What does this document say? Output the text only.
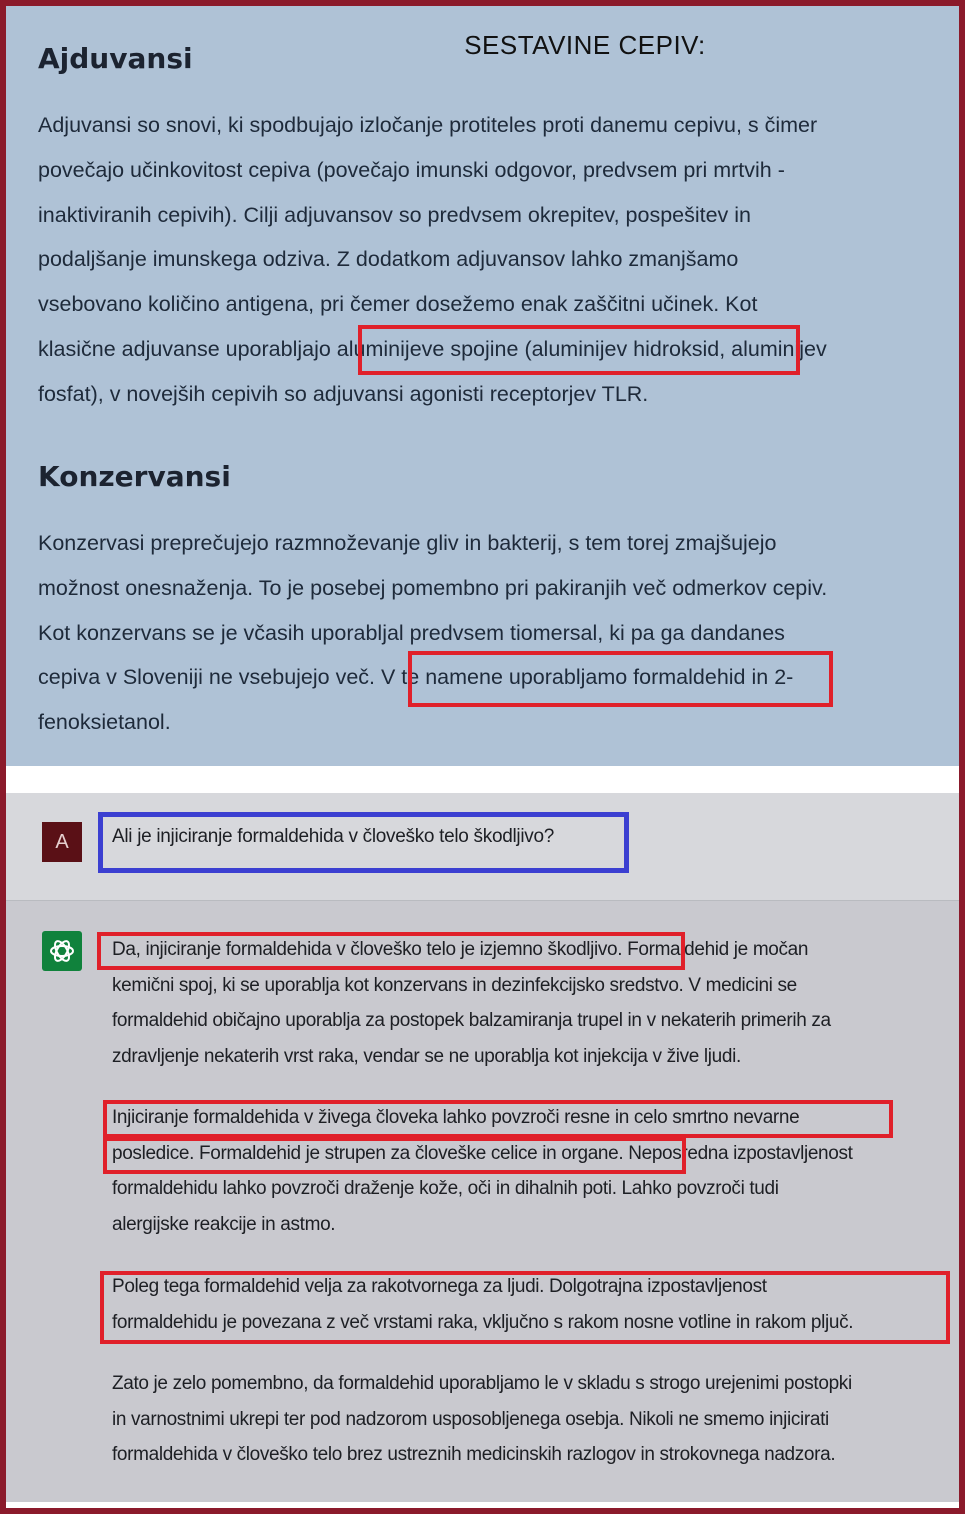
SESTAVINE CEPIV:
Ajduvansi
Adjuvansi so snovi, ki spodbujajo izločanje protiteles proti danemu cepivu, s čimer
povečajo učinkovitost cepiva (povečajo imunski odgovor, predvsem pri mrtvih -
inaktiviranih cepivih). Cilji adjuvansov so predvsem okrepitev, pospešitev in
podaljšanje imunskega odziva. Z dodatkom adjuvansov lahko zmanjšamo
vsebovano količino antigena, pri čemer dosežemo enak zaščitni učinek. Kot
klasične adjuvanse uporabljajo aluminijeve spojine (aluminijev hidroksid, aluminijev
fosfat), v novejših cepivih so adjuvansi agonisti receptorjev TLR.
Konzervansi
Konzervasi preprečujejo razmnoževanje gliv in bakterij, s tem torej zmajšujejo
možnost onesnaženja. To je posebej pomembno pri pakiranjih več odmerkov cepiv.
Kot konzervans se je včasih uporabljal predvsem tiomersal, ki pa ga dandanes
cepiva v Sloveniji ne vsebujejo več. V te namene uporabljamo formaldehid in 2-
fenoksietanol.
A	Ali je injiciranje formaldehida v človeško telo škodljivo?
Da, injiciranje formaldehida v človeško telo je izjemno škodljivo. Formaldehid je močan
kemični spoj, ki se uporablja kot konzervans in dezinfekcijsko sredstvo. V medicini se
formaldehid običajno uporablja za postopek balzamiranja trupel in v nekaterih primerih za
zdravljenje nekaterih vrst raka, vendar se ne uporablja kot injekcija v žive ljudi.
Injiciranje formaldehida v živega človeka lahko povzroči resne in celo smrtno nevarne
posledice. Formaldehid je strupen za človeške celice in organe. Neposredna izpostavljenost
formaldehidu lahko povzroči draženje kože, oči in dihalnih poti. Lahko povzroči tudi
alergijske reakcije in astmo.
Poleg tega formaldehid velja za rakotvornega za ljudi. Dolgotrajna izpostavljenost
formaldehidu je povezana z več vrstami raka, vključno s rakom nosne votline in rakom pljuč.
Zato je zelo pomembno, da formaldehid uporabljamo le v skladu s strogo urejenimi postopki
in varnostnimi ukrepi ter pod nadzorom usposobljenega osebja. Nikoli ne smemo injicirati
formaldehida v človeško telo brez ustreznih medicinskih razlogov in strokovnega nadzora.
